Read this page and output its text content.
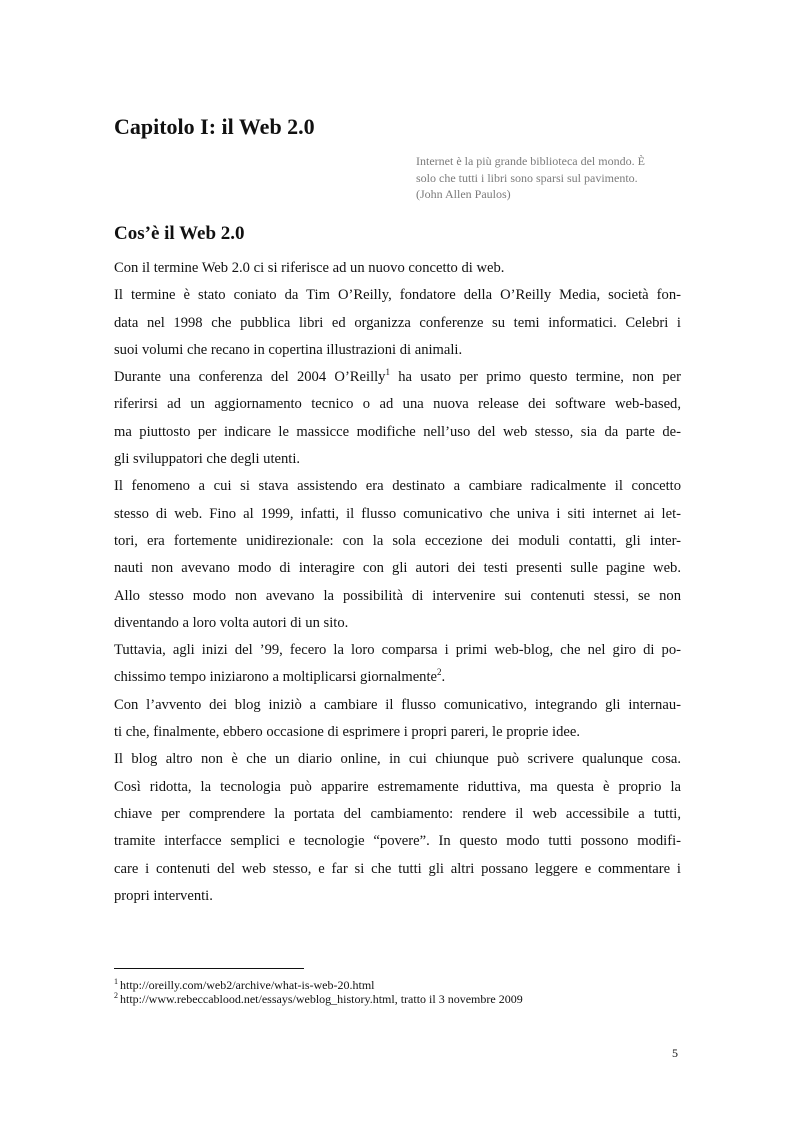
Capitolo I: il Web 2.0
Internet è la più grande biblioteca del mondo. È
solo che tutti i libri sono sparsi sul pavimento.
(John Allen Paulos)
Cos’è il Web 2.0
Con il termine Web 2.0 ci si riferisce ad un nuovo concetto di web.
Il termine è stato coniato da Tim O’Reilly, fondatore della O’Reilly Media, società fon-
data nel 1998 che pubblica libri ed organizza conferenze su temi informatici. Celebri i
suoi volumi che recano in copertina illustrazioni di animali.
Durante una conferenza del 2004 O’Reilly$^1$ ha usato per primo questo termine, non per
riferirsi ad un aggiornamento tecnico o ad una nuova release dei software web-based,
ma piuttosto per indicare le massicce modifiche nell’uso del web stesso, sia da parte de-
gli sviluppatori che degli utenti.
Il fenomeno a cui si stava assistendo era destinato a cambiare radicalmente il concetto
stesso di web. Fino al 1999, infatti, il flusso comunicativo che univa i siti internet ai let-
tori, era fortemente unidirezionale: con la sola eccezione dei moduli contatti, gli inter-
nauti non avevano modo di interagire con gli autori dei testi presenti sulle pagine web.
Allo stesso modo non avevano la possibilità di intervenire sui contenuti stessi, se non
diventando a loro volta autori di un sito.
Tuttavia, agli inizi del ’99, fecero la loro comparsa i primi web-blog, che nel giro di po-
chissimo tempo iniziarono a moltiplicarsi giornalmente$^2$.
Con l’avvento dei blog iniziò a cambiare il flusso comunicativo, integrando gli internau-
ti che, finalmente, ebbero occasione di esprimere i propri pareri, le proprie idee.
Il blog altro non è che un diario online, in cui chiunque può scrivere qualunque cosa.
Così ridotta, la tecnologia può apparire estremamente riduttiva, ma questa è proprio la
chiave per comprendere la portata del cambiamento: rendere il web accessibile a tutti,
tramite interfacce semplici e tecnologie “povere”. In questo modo tutti possono modifi-
care i contenuti del web stesso, e far si che tutti gli altri possano leggere e commentare i
propri interventi.
$^1$ http://oreilly.com/web2/archive/what-is-web-20.html
$^2$ http://www.rebeccablood.net/essays/weblog_history.html, tratto il 3 novembre 2009
5
